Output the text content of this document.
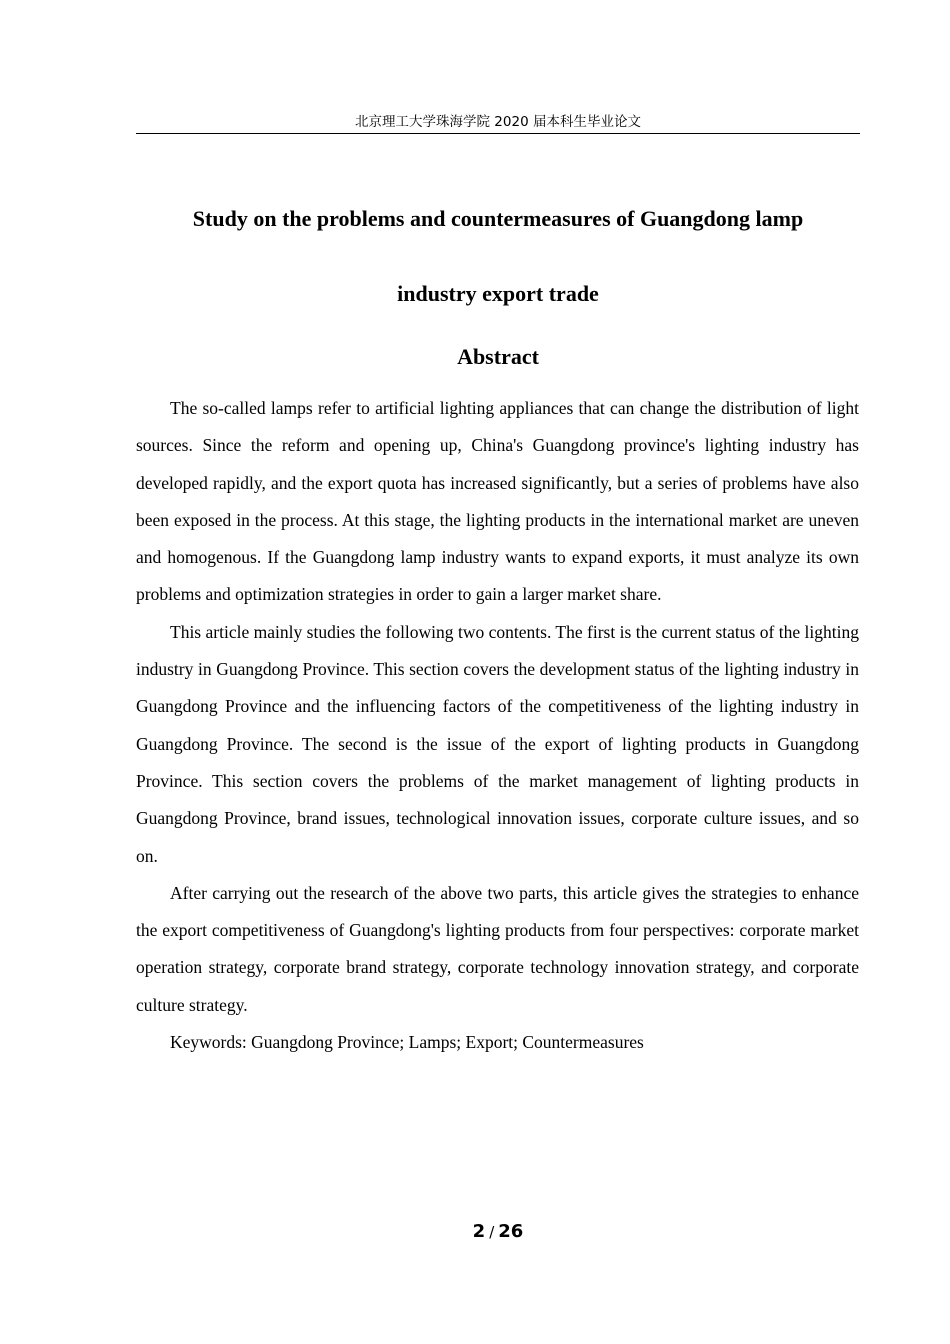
北京理工大学珠海学院 2020 届本科生毕业论文
Study on the problems and countermeasures of Guangdong lamp
industry export trade
Abstract

The so-called lamps refer to artificial lighting appliances that can change the distribution of light sources. Since the reform and opening up, China's Guangdong province's lighting industry has developed rapidly, and the export quota has increased significantly, but a series of problems have also been exposed in the process. At this stage, the lighting products in the international market are uneven and homogenous. If the Guangdong lamp industry wants to expand exports, it must analyze its own problems and optimization strategies in order to gain a larger market share.

This article mainly studies the following two contents. The first is the current status of the lighting industry in Guangdong Province. This section covers the development status of the lighting industry in Guangdong Province and the influencing factors of the competitiveness of the lighting industry in Guangdong Province. The second is the issue of the export of lighting products in Guangdong Province. This section covers the problems of the market management of lighting products in Guangdong Province, brand issues, technological innovation issues, corporate culture issues, and so on.

After carrying out the research of the above two parts, this article gives the strategies to enhance the export competitiveness of Guangdong's lighting products from four perspectives: corporate market operation strategy, corporate brand strategy, corporate technology innovation strategy, and corporate culture strategy.

Keywords: Guangdong Province; Lamps; Export; Countermeasures

2 / 26
